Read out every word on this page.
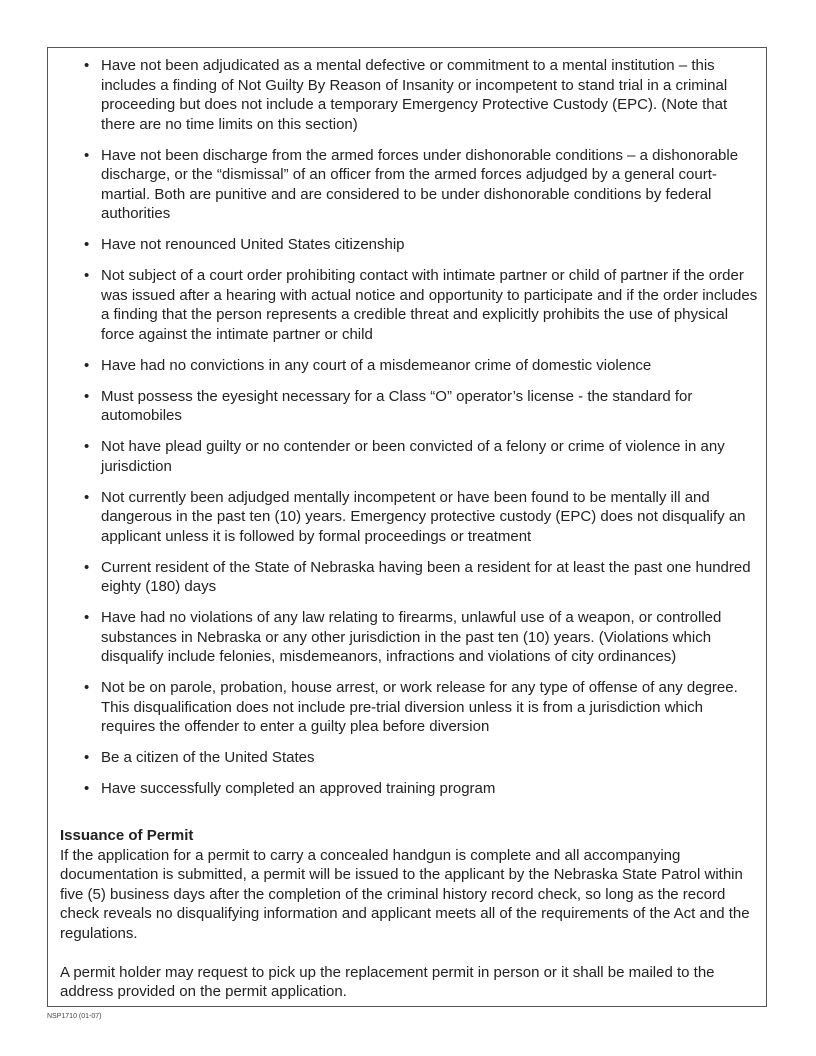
• Have not been adjudicated as a mental defective or commitment to a mental institution – this includes a finding of Not Guilty By Reason of Insanity or incompetent to stand trial in a criminal proceeding but does not include a temporary Emergency Protective Custody (EPC). (Note that there are no time limits on this section)
• Have not been discharge from the armed forces under dishonorable conditions – a dishonorable discharge, or the “dismissal” of an officer from the armed forces adjudged by a general court-martial. Both are punitive and are considered to be under dishonorable conditions by federal authorities
• Have not renounced United States citizenship
• Not subject of a court order prohibiting contact with intimate partner or child of partner if the order was issued after a hearing with actual notice and opportunity to participate and if the order includes a finding that the person represents a credible threat and explicitly prohibits the use of physical force against the intimate partner or child
• Have had no convictions in any court of a misdemeanor crime of domestic violence
• Must possess the eyesight necessary for a Class “O” operator’s license - the standard for automobiles
• Not have plead guilty or no contender or been convicted of a felony or crime of violence in any jurisdiction
• Not currently been adjudged mentally incompetent or have been found to be mentally ill and dangerous in the past ten (10) years. Emergency protective custody (EPC) does not disqualify an applicant unless it is followed by formal proceedings or treatment
• Current resident of the State of Nebraska having been a resident for at least the past one hundred eighty (180) days
• Have had no violations of any law relating to firearms, unlawful use of a weapon, or controlled substances in Nebraska or any other jurisdiction in the past ten (10) years. (Violations which disqualify include felonies, misdemeanors, infractions and violations of city ordinances)
• Not be on parole, probation, house arrest, or work release for any type of offense of any degree. This disqualification does not include pre-trial diversion unless it is from a jurisdiction which requires the offender to enter a guilty plea before diversion
• Be a citizen of the United States
• Have successfully completed an approved training program
Issuance of Permit

If the application for a permit to carry a concealed handgun is complete and all accompanying documentation is submitted, a permit will be issued to the applicant by the Nebraska State Patrol within five (5) business days after the completion of the criminal history record check, so long as the record check reveals no disqualifying information and applicant meets all of the requirements of the Act and the regulations.

A permit holder may request to pick up the replacement permit in person or it shall be mailed to the address provided on the permit application.

NSP1710 (01-07)
